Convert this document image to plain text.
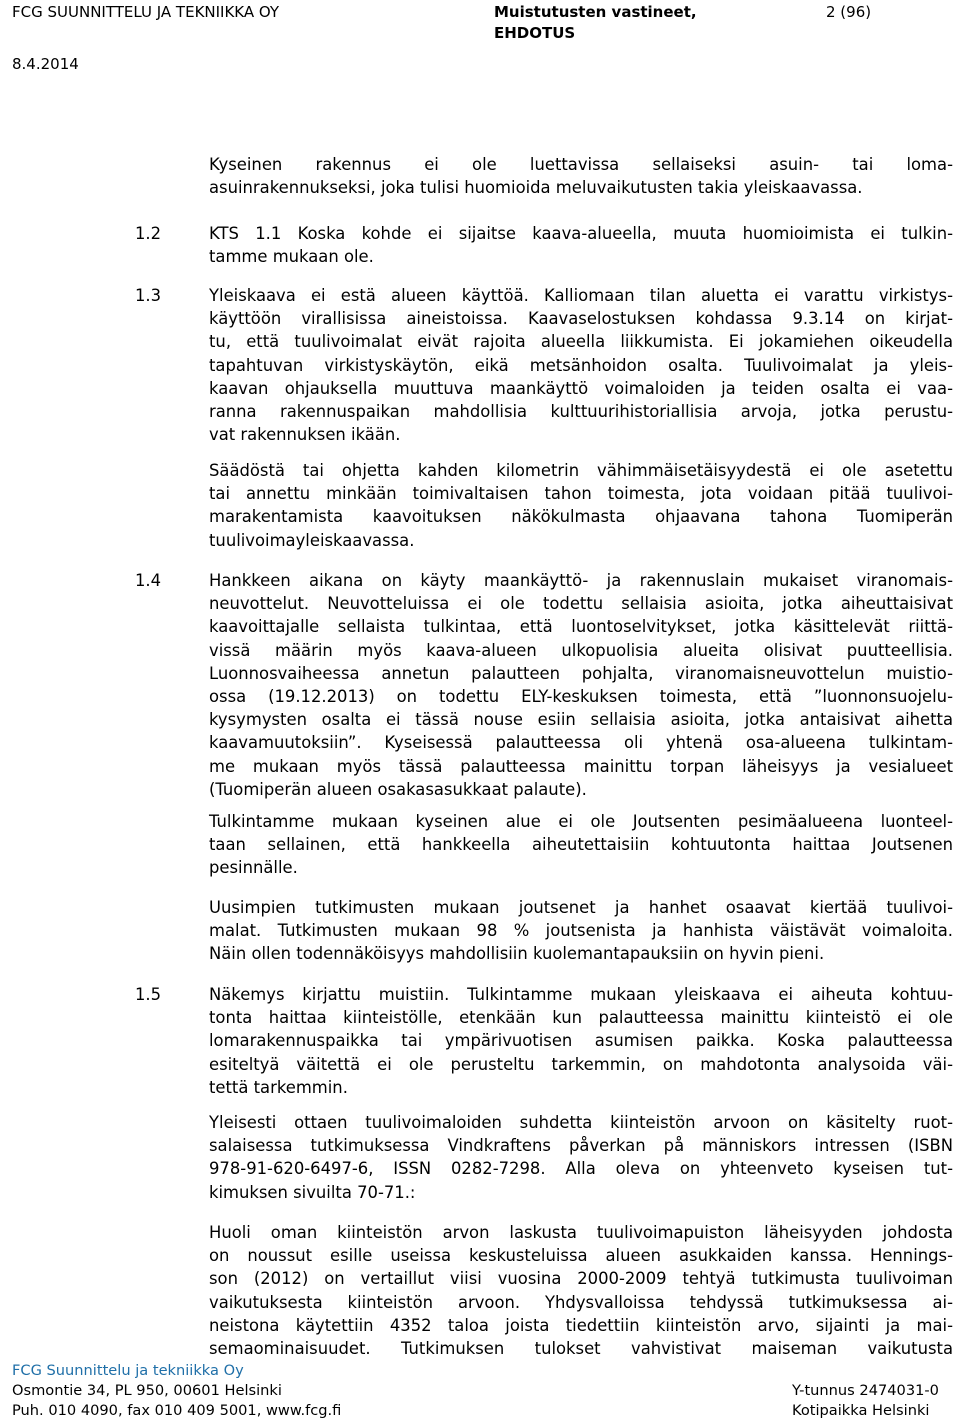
FCG SUUNNITTELU JA TEKNIIKKA OY	Muistutusten vastineet,
EHDOTUS
2 (96)
8.4.2014
Kyseinen rakennus ei ole luettavissa sellaiseksi asuin- tai loma-
asuinrakennukseksi, joka tulisi huomioida meluvaikutusten takia yleiskaavassa.
1.2	KTS 1.1 Koska kohde ei sijaitse kaava-alueella, muuta huomioimista ei tulkin-
tamme mukaan ole.
1.3	Yleiskaava ei estä alueen käyttöä. Kalliomaan tilan aluetta ei varattu virkistys-
käyttöön virallisissa aineistoissa. Kaavaselostuksen kohdassa 9.3.14 on kirjat-
tu, että tuulivoimalat eivät rajoita alueella liikkumista. Ei jokamiehen oikeudella
tapahtuvan virkistyskäytön, eikä metsänhoidon osalta. Tuulivoimalat ja yleis-
kaavan ohjauksella muuttuva maankäyttö voimaloiden ja teiden osalta ei vaa-
ranna rakennuspaikan mahdollisia kulttuurihistoriallisia arvoja, jotka perustu-
vat rakennuksen ikään.
Säädöstä tai ohjetta kahden kilometrin vähimmäisetäisyydestä ei ole asetettu
tai annettu minkään toimivaltaisen tahon toimesta, jota voidaan pitää tuulivoi-
marakentamista kaavoituksen näkökulmasta ohjaavana tahona Tuomiperän
tuulivoimayleiskaavassa.
1.4	Hankkeen aikana on käyty maankäyttö- ja rakennuslain mukaiset viranomais-
neuvottelut. Neuvotteluissa ei ole todettu sellaisia asioita, jotka aiheuttaisivat
kaavoittajalle sellaista tulkintaa, että luontoselvitykset, jotka käsittelevät riittä-
vissä määrin myös kaava-alueen ulkopuolisia alueita olisivat puutteellisia.
Luonnosvaiheessa annetun palautteen pohjalta, viranomaisneuvottelun muistio-
ossa (19.12.2013) on todettu ELY-keskuksen toimesta, että ”luonnonsuojelu-
kysymysten osalta ei tässä nouse esiin sellaisia asioita, jotka antaisivat aihetta
kaavamuutoksiin”. Kyseisessä palautteessa oli yhtenä osa-alueena tulkintam-
me mukaan myös tässä palautteessa mainittu torpan läheisyys ja vesialueet
(Tuomiperän alueen osakasasukkaat palaute).
Tulkintamme mukaan kyseinen alue ei ole Joutsenten pesimäalueena luonteel-
taan sellainen, että hankkeella aiheutettaisiin kohtuutonta haittaa Joutsenen
pesinnälle.
Uusimpien tutkimusten mukaan joutsenet ja hanhet osaavat kiertää tuulivoi-
malat. Tutkimusten mukaan 98 % joutsenista ja hanhista väistävät voimaloita.
Näin ollen todennäköisyys mahdollisiin kuolemantapauksiin on hyvin pieni.
1.5	Näkemys kirjattu muistiin. Tulkintamme mukaan yleiskaava ei aiheuta kohtuu-
tonta haittaa kiinteistölle, etenkään kun palautteessa mainittu kiinteistö ei ole
lomarakennuspaikka tai ympärivuotisen asumisen paikka. Koska palautteessa
esiteltyä väitettä ei ole perusteltu tarkemmin, on mahdotonta analysoida väi-
tettä tarkemmin.
Yleisesti ottaen tuulivoimaloiden suhdetta kiinteistön arvoon on käsitelty ruot-
salaisessa tutkimuksessa Vindkraftens påverkan på människors intressen (ISBN
978-91-620-6497-6, ISSN 0282-7298. Alla oleva on yhteenveto kyseisen tut-
kimuksen sivuilta 70-71.:
Huoli oman kiinteistön arvon laskusta tuulivoimapuiston läheisyyden johdosta
on noussut esille useissa keskusteluissa alueen asukkaiden kanssa. Hennings-
son (2012) on vertaillut viisi vuosina 2000-2009 tehtyä tutkimusta tuulivoiman
vaikutuksesta kiinteistön arvoon. Yhdysvalloissa tehdyssä tutkimuksessa ai-
neistona käytettiin 4352 taloa joista tiedettiin kiinteistön arvo, sijainti ja mai-
semaominaisuudet. Tutkimuksen tulokset vahvistivat maiseman vaikutusta
FCG Suunnittelu ja tekniikka Oy
Osmontie 34, PL 950, 00601 Helsinki
Puh. 010 4090, fax 010 409 5001, www.fcg.fi
Y-tunnus 2474031-0
Kotipaikka Helsinki
